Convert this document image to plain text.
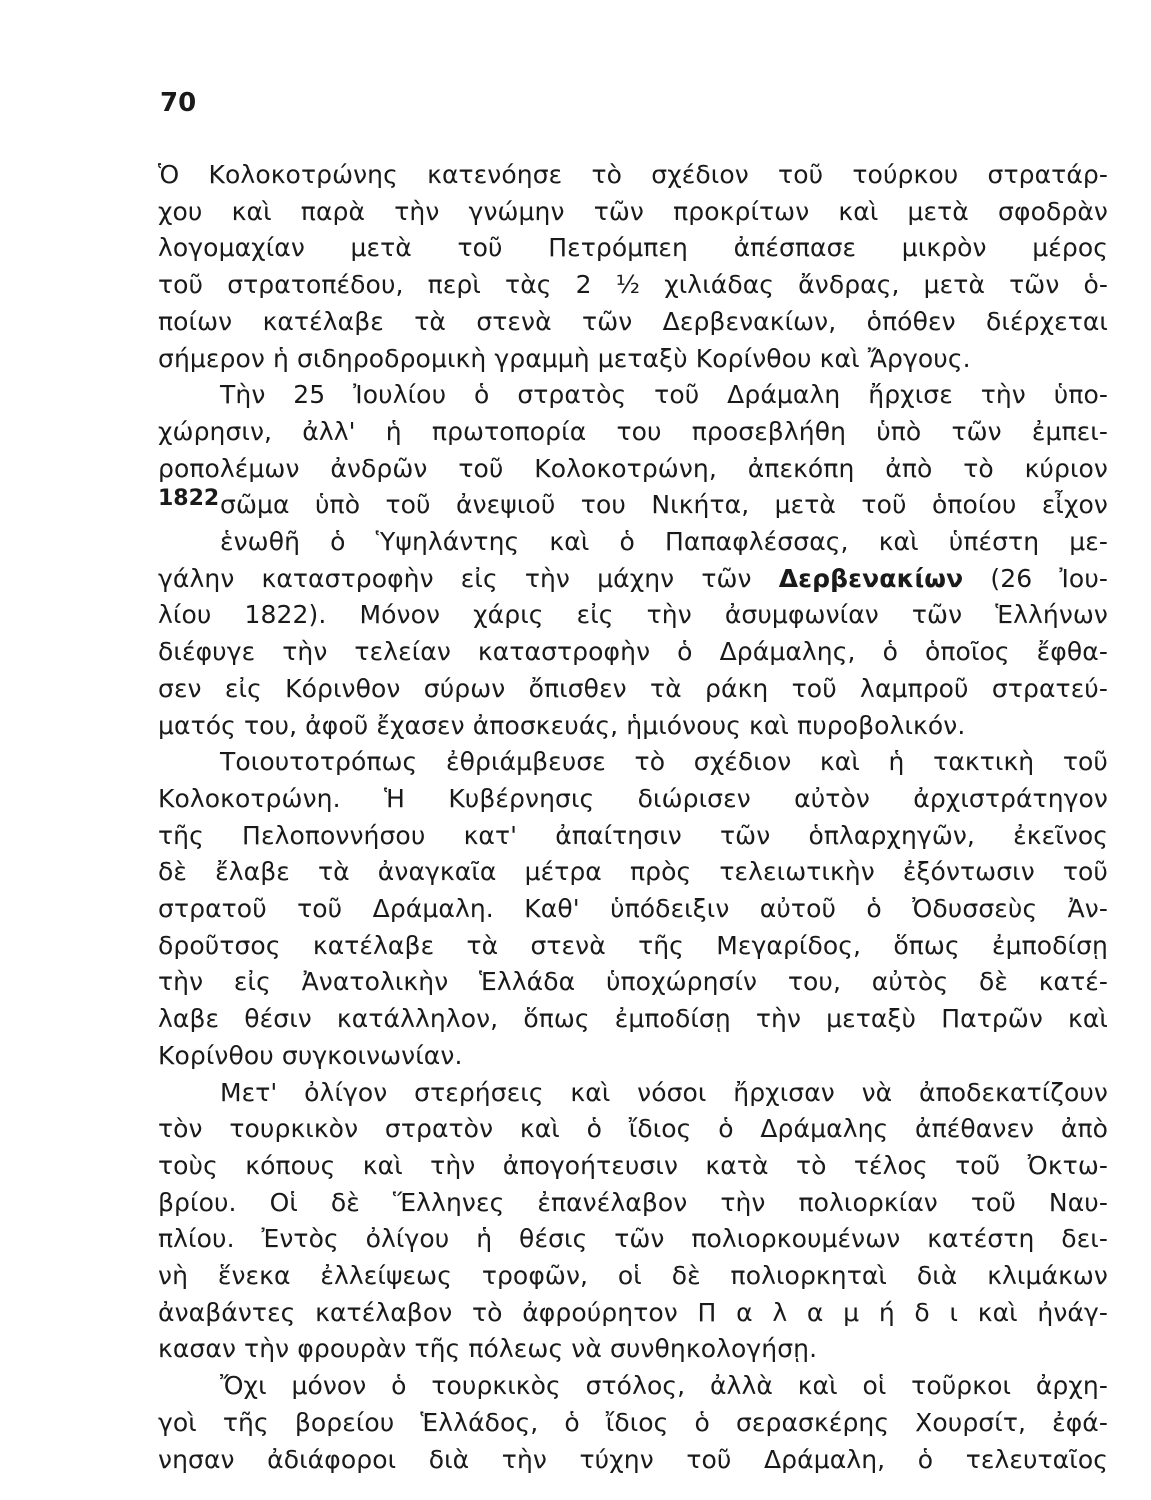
70
1822
Ὁ Κολοκοτρώνης κατενόησε τὸ σχέδιον τοῦ τούρκου στρατάρ-
χου καὶ παρὰ τὴν γνώμην τῶν προκρίτων καὶ μετὰ σφοδρὰν
λογομαχίαν μετὰ τοῦ Πετρόμπεη ἀπέσπασε μικρὸν μέρος
τοῦ στρατοπέδου, περὶ τὰς 2 ½ χιλιάδας ἄνδρας, μετὰ τῶν ὁ-
ποίων κατέλαβε τὰ στενὰ τῶν Δερβενακίων, ὁπόθεν διέρχεται
σήμερον ἡ σιδηροδρομικὴ γραμμὴ μεταξὺ Κορίνθου καὶ Ἄργους.
Τὴν 25 Ἰουλίου ὁ στρατὸς τοῦ Δράμαλη ἤρχισε τὴν ὑπο-
χώρησιν, ἀλλ' ἡ πρωτοπορία του προσεβλήθη ὑπὸ τῶν ἐμπει-
ροπολέμων ἀνδρῶν τοῦ Κολοκοτρώνη, ἀπεκόπη ἀπὸ τὸ κύριον
σῶμα ὑπὸ τοῦ ἀνεψιοῦ του Νικήτα, μετὰ τοῦ ὁποίου εἶχον
ἑνωθῆ ὁ Ὑψηλάντης καὶ ὁ Παπαφλέσσας, καὶ ὑπέστη με-
γάλην καταστροφὴν εἰς τὴν μάχην τῶν Δερβενακίων (26 Ἰου-
λίου 1822). Μόνον χάρις εἰς τὴν ἀσυμφωνίαν τῶν Ἑλλήνων
διέφυγε τὴν τελείαν καταστροφὴν ὁ Δράμαλης, ὁ ὁποῖος ἔφθα-
σεν εἰς Κόρινθον σύρων ὄπισθεν τὰ ράκη τοῦ λαμπροῦ στρατεύ-
ματός του, ἀφοῦ ἔχασεν ἀποσκευάς, ἡμιόνους καὶ πυροβολικόν.
Τοιουτοτρόπως ἐθριάμβευσε τὸ σχέδιον καὶ ἡ τακτικὴ τοῦ
Κολοκοτρώνη. Ἡ Κυβέρνησις διώρισεν αὐτὸν ἀρχιστράτηγον
τῆς Πελοποννήσου κατ' ἀπαίτησιν τῶν ὁπλαρχηγῶν, ἐκεῖνος
δὲ ἔλαβε τὰ ἀναγκαῖα μέτρα πρὸς τελειωτικὴν ἐξόντωσιν τοῦ
στρατοῦ τοῦ Δράμαλη. Καθ' ὑπόδειξιν αὐτοῦ ὁ Ὀδυσσεὺς Ἀν-
δροῦτσος κατέλαβε τὰ στενὰ τῆς Μεγαρίδος, ὅπως ἐμποδίσῃ
τὴν εἰς Ἀνατολικὴν Ἑλλάδα ὑποχώρησίν του, αὐτὸς δὲ κατέ-
λαβε θέσιν κατάλληλον, ὅπως ἐμποδίσῃ τὴν μεταξὺ Πατρῶν καὶ
Κορίνθου συγκοινωνίαν.
Μετ' ὀλίγον στερήσεις καὶ νόσοι ἤρχισαν νὰ ἀποδεκατίζουν
τὸν τουρκικὸν στρατὸν καὶ ὁ ἴδιος ὁ Δράμαλης ἀπέθανεν ἀπὸ
τοὺς κόπους καὶ τὴν ἀπογοήτευσιν κατὰ τὸ τέλος τοῦ Ὀκτω-
βρίου. Οἱ δὲ Ἕλληνες ἐπανέλαβον τὴν πολιορκίαν τοῦ Ναυ-
πλίου. Ἐντὸς ὀλίγου ἡ θέσις τῶν πολιορκουμένων κατέστη δει-
νὴ ἕνεκα ἐλλείψεως τροφῶν, οἱ δὲ πολιορκηταὶ διὰ κλιμάκων
ἀναβάντες κατέλαβον τὸ ἀφρούρητον Π α λ α μ ή δ ι καὶ ἠνάγ-
κασαν τὴν φρουρὰν τῆς πόλεως νὰ συνθηκολογήσῃ.
Ὄχι μόνον ὁ τουρκικὸς στόλος, ἀλλὰ καὶ οἱ τοῦρκοι ἀρχη-
γοὶ τῆς βορείου Ἑλλάδος, ὁ ἴδιος ὁ σερασκέρης Χουρσίτ, ἐφά-
νησαν ἀδιάφοροι διὰ τὴν τύχην τοῦ Δράμαλη, ὁ τελευταῖος
